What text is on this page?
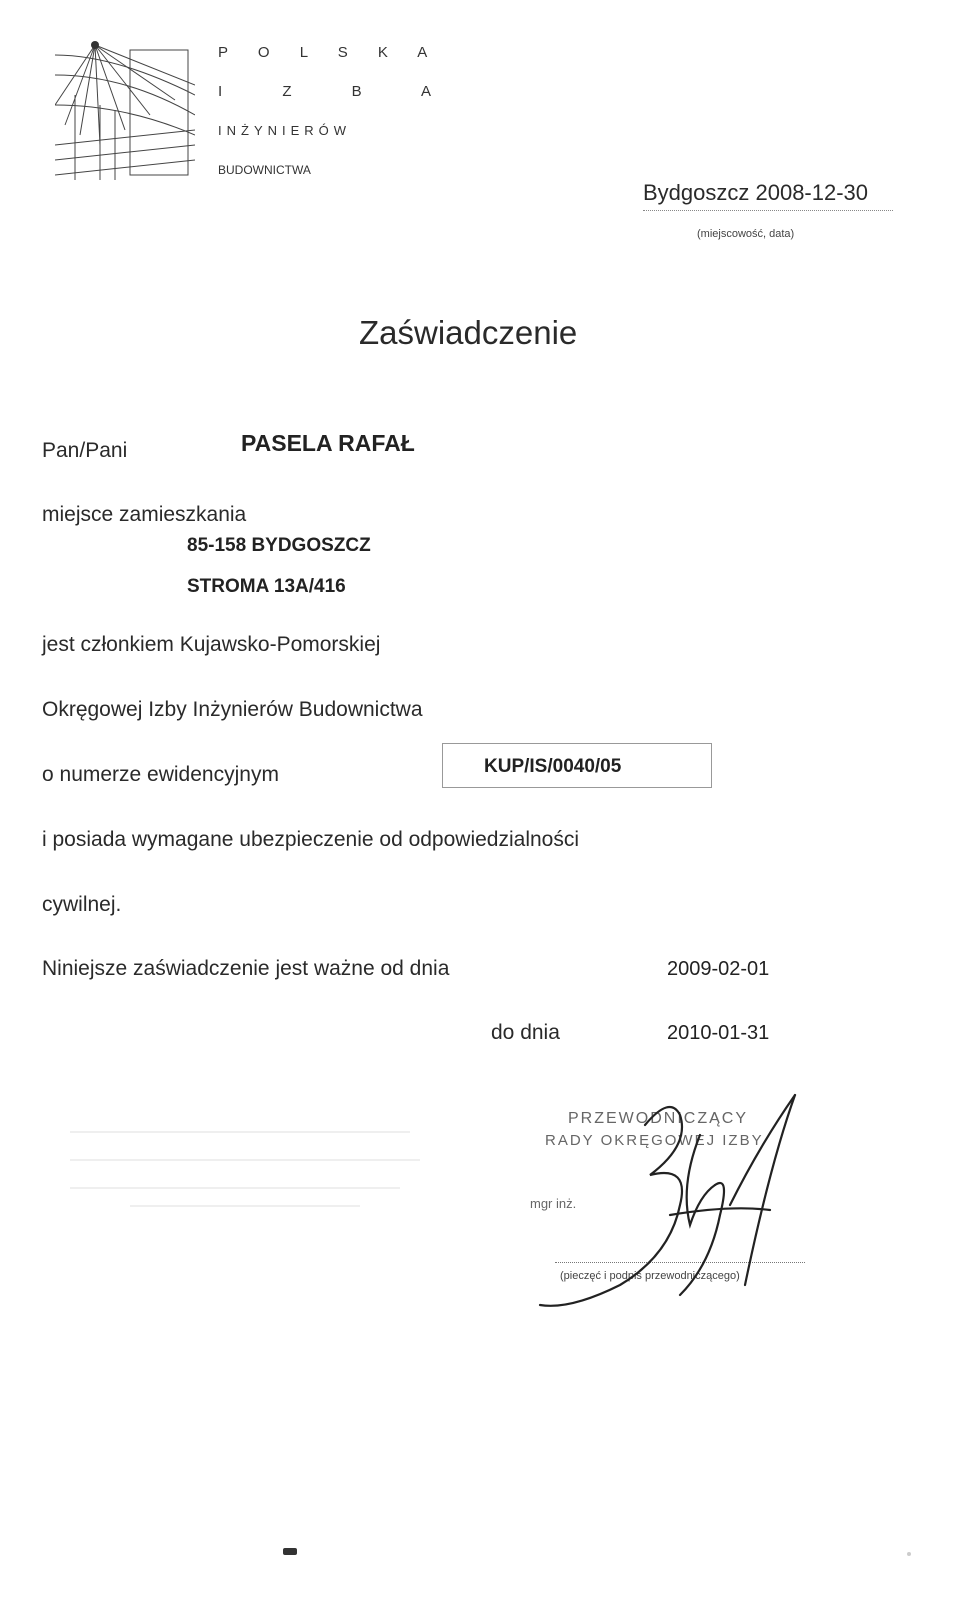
P O L S K A
I Z B A
INŻYNIERÓW
BUDOWNICTWA
Bydgoszcz 2008-12-30
(miejscowość, data)
Zaświadczenie
Pan/Pani	PASELA RAFAŁ
miejsce zamieszkania
85-158 BYDGOSZCZ
STROMA 13A/416
jest członkiem Kujawsko-Pomorskiej
Okręgowej Izby Inżynierów Budownictwa
o numerze ewidencyjnym	KUP/IS/0040/05
i posiada wymagane ubezpieczenie od odpowiedzialności
cywilnej.
Niniejsze zaświadczenie jest ważne od dnia	2009-02-01
do dnia	2010-01-31
PRZEWODNICZĄCY
RADY OKRĘGOWEJ IZBY
mgr inż.
(pieczęć i podpis przewodniczącego)
